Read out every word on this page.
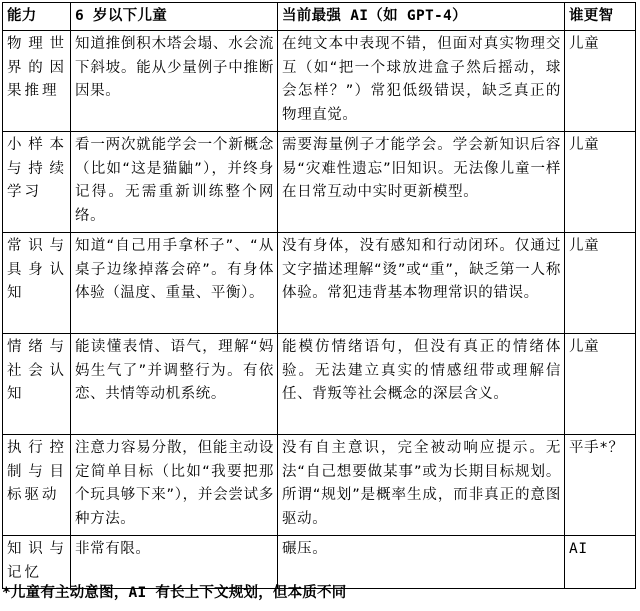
能力	6 岁以下儿童	当前最强 AI（如 GPT-4）	谁更智
物理世界的因果推理	知道推倒积木塔会塌、水会流下斜坡。能从少量例子中推断因果。	在纯文本中表现不错，但面对真实物理交互（如“把一个球放进盒子然后摇动，球会怎样？”）常犯低级错误，缺乏真正的物理直觉。	儿童
小样本与持续学习	看一两次就能学会一个新概念（比如“这是猫鼬”），并终身记得。无需重新训练整个网络。	需要海量例子才能学会。学会新知识后容易“灾难性遗忘”旧知识。无法像儿童一样在日常互动中实时更新模型。	儿童
常识与具身认知	知道“自己用手拿杯子”、“从桌子边缘掉落会碎”。有身体体验（温度、重量、平衡）。	没有身体，没有感知和行动闭环。仅通过文字描述理解“烫”或“重”，缺乏第一人称体验。常犯违背基本物理常识的错误。	儿童
情绪与社会认知	能读懂表情、语气，理解“妈妈生气了”并调整行为。有依恋、共情等动机系统。	能模仿情绪语句，但没有真正的情绪体验。无法建立真实的情感纽带或理解信任、背叛等社会概念的深层含义。	儿童
执行控制与目标驱动	注意力容易分散，但能主动设定简单目标（比如“我要把那个玩具够下来”），并会尝试多种方法。	没有自主意识，完全被动响应提示。无法“自己想要做某事”或为长期目标规划。所谓“规划”是概率生成，而非真正的意图驱动。	平手*？
知识与记忆	非常有限。	碾压。	AI
*儿童有主动意图，AI 有长上下文规划，但本质不同
